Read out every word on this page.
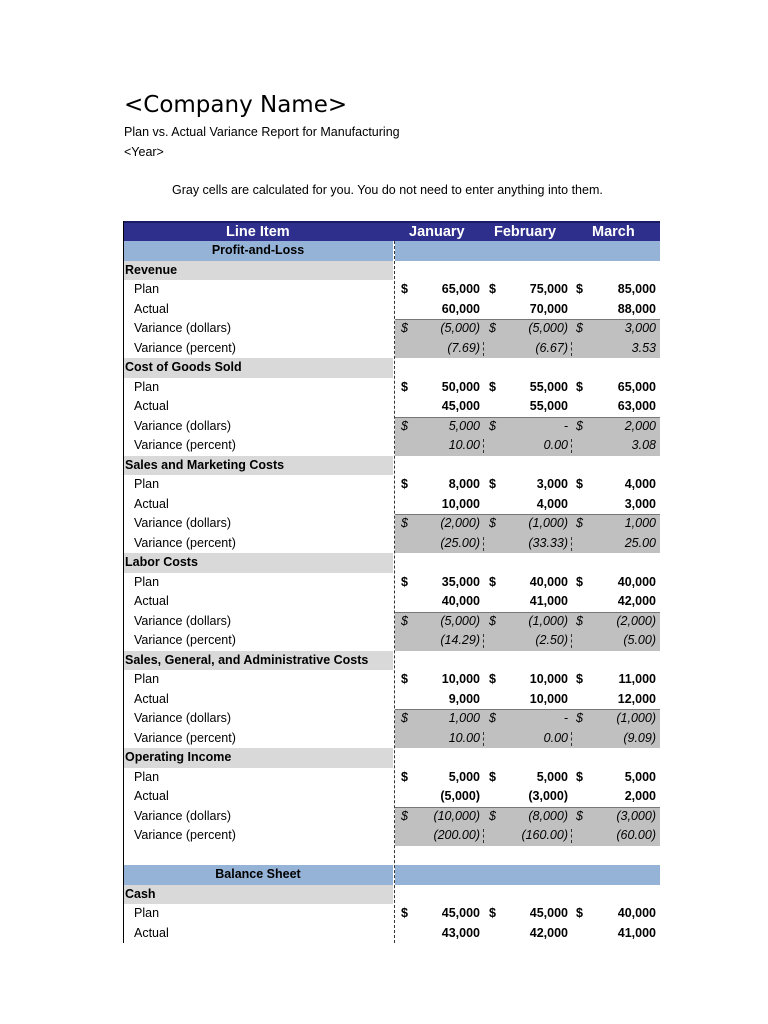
<Company Name>
Plan vs. Actual Variance Report for Manufacturing
<Year>
Gray cells are calculated for you. You do not need to enter anything into them.
Line Item	January February March
Profit-and-Loss
Revenue
Plan	$	65,000 $	75,000 $	85,000
Actual	60,000	70,000	88,000
Variance (dollars)	$	(5,000) $	(5,000) $	3,000
Variance (percent)	(7.69)	(6.67)	3.53
Cost of Goods Sold
Plan	$	50,000 $	55,000 $	65,000
Actual	45,000	55,000	63,000
Variance (dollars)	$	5,000 $	- $	2,000
Variance (percent)	10.00	0.00	3.08
Sales and Marketing Costs
Plan	$	8,000 $	3,000 $	4,000
Actual	10,000	4,000	3,000
Variance (dollars)	$	(2,000) $	(1,000) $	1,000
Variance (percent)	(25.00)	(33.33)	25.00
Labor Costs
Plan	$	35,000 $	40,000 $	40,000
Actual	40,000	41,000	42,000
Variance (dollars)	$	(5,000) $	(1,000) $	(2,000)
Variance (percent)	(14.29)	(2.50)	(5.00)
Sales, General, and Administrative Costs
Plan	$	10,000 $	10,000 $	11,000
Actual	9,000	10,000	12,000
Variance (dollars)	$	1,000 $	- $	(1,000)
Variance (percent)	10.00	0.00	(9.09)
Operating Income
Plan	$	5,000 $	5,000 $	5,000
Actual	(5,000)	(3,000)	2,000
Variance (dollars)	$	(10,000) $	(8,000) $	(3,000)
Variance (percent)	(200.00)	(160.00)	(60.00)
Balance Sheet
Cash
Plan	$	45,000 $	45,000 $	40,000
Actual	43,000	42,000	41,000
